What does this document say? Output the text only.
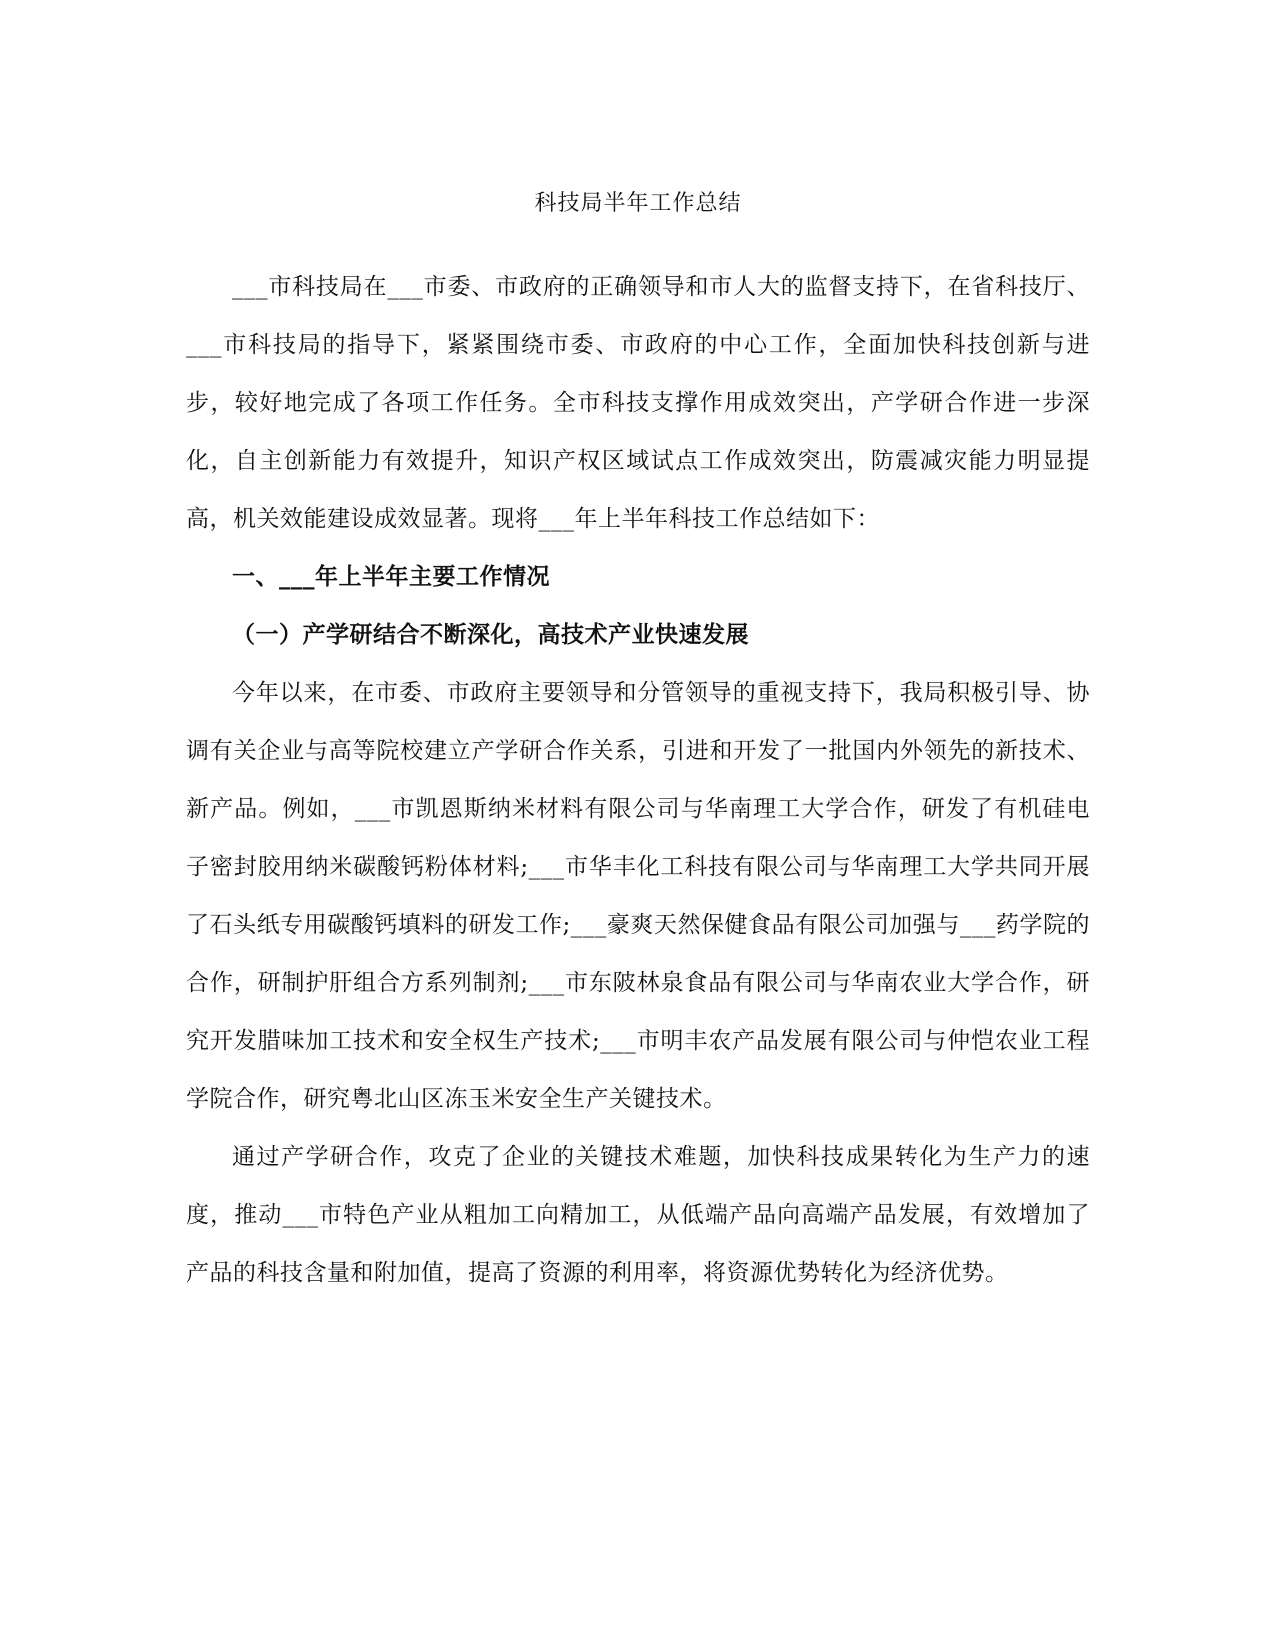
科技局半年工作总结

___市科技局在___市委、市政府的正确领导和市人大的监督支持下，在省科技厅、___市科技局的指导下，紧紧围绕市委、市政府的中心工作，全面加快科技创新与进步，较好地完成了各项工作任务。全市科技支撑作用成效突出，产学研合作进一步深化，自主创新能力有效提升，知识产权区域试点工作成效突出，防震减灾能力明显提高，机关效能建设成效显著。现将___年上半年科技工作总结如下：

一、___年上半年主要工作情况

（一）产学研结合不断深化，高技术产业快速发展

今年以来，在市委、市政府主要领导和分管领导的重视支持下，我局积极引导、协调有关企业与高等院校建立产学研合作关系，引进和开发了一批国内外领先的新技术、新产品。例如，___市凯恩斯纳米材料有限公司与华南理工大学合作，研发了有机硅电子密封胶用纳米碳酸钙粉体材料;___市华丰化工科技有限公司与华南理工大学共同开展了石头纸专用碳酸钙填料的研发工作;___豪爽天然保健食品有限公司加强与___药学院的合作，研制护肝组合方系列制剂;___市东陂林泉食品有限公司与华南农业大学合作，研究开发腊味加工技术和安全权生产技术;___市明丰农产品发展有限公司与仲恺农业工程学院合作，研究粤北山区冻玉米安全生产关键技术。

通过产学研合作，攻克了企业的关键技术难题，加快科技成果转化为生产力的速度，推动___市特色产业从粗加工向精加工，从低端产品向高端产品发展，有效增加了产品的科技含量和附加值，提高了资源的利用率，将资源优势转化为经济优势。
